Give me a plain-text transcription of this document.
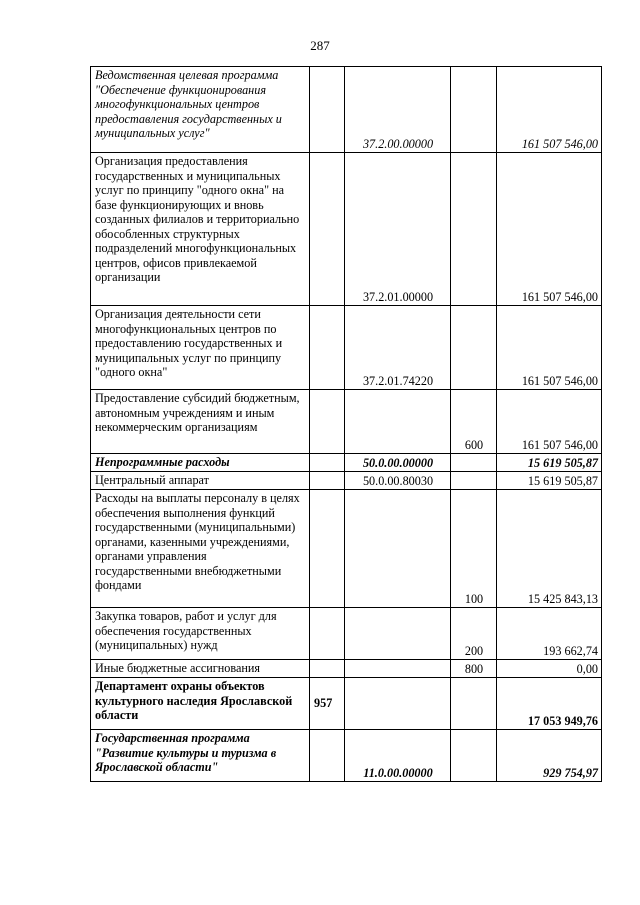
287
Ведомственная целевая программа "Обеспечение функционирования многофункциональных центров предоставления государственных и муниципальных услуг"		37.2.00.00000		161 507 546,00
Организация предоставления государственных и муниципальных услуг по принципу "одного окна" на базе функционирующих и вновь созданных филиалов и территориально обособленных структурных подразделений многофункциональных центров, офисов привлекаемой организации		37.2.01.00000		161 507 546,00
Организация деятельности сети многофункциональных центров по предоставлению государственных и муниципальных услуг по принципу "одного окна"		37.2.01.74220		161 507 546,00
Предоставление субсидий бюджетным, автономным учреждениям и иным некоммерческим организациям			600	161 507 546,00
Непрограммные расходы		50.0.00.00000		15 619 505,87
Центральный аппарат		50.0.00.80030		15 619 505,87
Расходы на выплаты персоналу в целях обеспечения выполнения функций государственными (муниципальными) органами, казенными учреждениями, органами управления государственными внебюджетными фондами			100	15 425 843,13
Закупка товаров, работ и услуг для обеспечения государственных (муниципальных) нужд			200	193 662,74
Иные бюджетные ассигнования			800	0,00
Департамент охраны объектов культурного наследия Ярославской области	957			17 053 949,76
Государственная программа "Развитие культуры и туризма в Ярославской области"		11.0.00.00000		929 754,97
